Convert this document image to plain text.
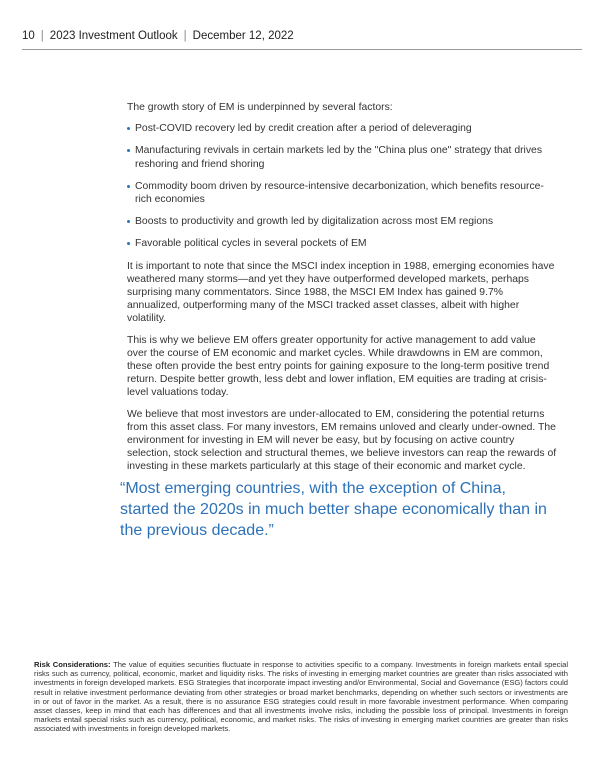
10 | 2023 Investment Outlook | December 12, 2022

The growth story of EM is underpinned by several factors:

Post-COVID recovery led by credit creation after a period of deleveraging
Manufacturing revivals in certain markets led by the "China plus one" strategy that drives reshoring and friend shoring
Commodity boom driven by resource-intensive decarbonization, which benefits resource-rich economies
Boosts to productivity and growth led by digitalization across most EM regions
Favorable political cycles in several pockets of EM

It is important to note that since the MSCI index inception in 1988, emerging economies have weathered many storms—and yet they have outperformed developed markets, perhaps surprising many commentators. Since 1988, the MSCI EM Index has gained 9.7% annualized, outperforming many of the MSCI tracked asset classes, albeit with higher volatility.

This is why we believe EM offers greater opportunity for active management to add value over the course of EM economic and market cycles. While drawdowns in EM are common, these often provide the best entry points for gaining exposure to the long-term positive trend return. Despite better growth, less debt and lower inflation, EM equities are trading at crisis-level valuations today.

We believe that most investors are under-allocated to EM, considering the potential returns from this asset class. For many investors, EM remains unloved and clearly under-owned. The environment for investing in EM will never be easy, but by focusing on active country selection, stock selection and structural themes, we believe investors can reap the rewards of investing in these markets particularly at this stage of their economic and market cycle.

“Most emerging countries, with the exception of China, started the 2020s in much better shape economically than in the previous decade.”
Risk Considerations: The value of equities securities fluctuate in response to activities specific to a company. Investments in foreign markets entail special risks such as currency, political, economic, market and liquidity risks. The risks of investing in emerging market countries are greater than risks associated with investments in foreign developed markets. ESG Strategies that incorporate impact investing and/or Environmental, Social and Governance (ESG) factors could result in relative investment performance deviating from other strategies or broad market benchmarks, depending on whether such sectors or investments are in or out of favor in the market. As a result, there is no assurance ESG strategies could result in more favorable investment performance. When comparing asset classes, keep in mind that each has differences and that all investments involve risks, including the possible loss of principal. Investments in foreign markets entail special risks such as currency, political, economic, and market risks. The risks of investing in emerging market countries are greater than risks associated with investments in foreign developed markets.
